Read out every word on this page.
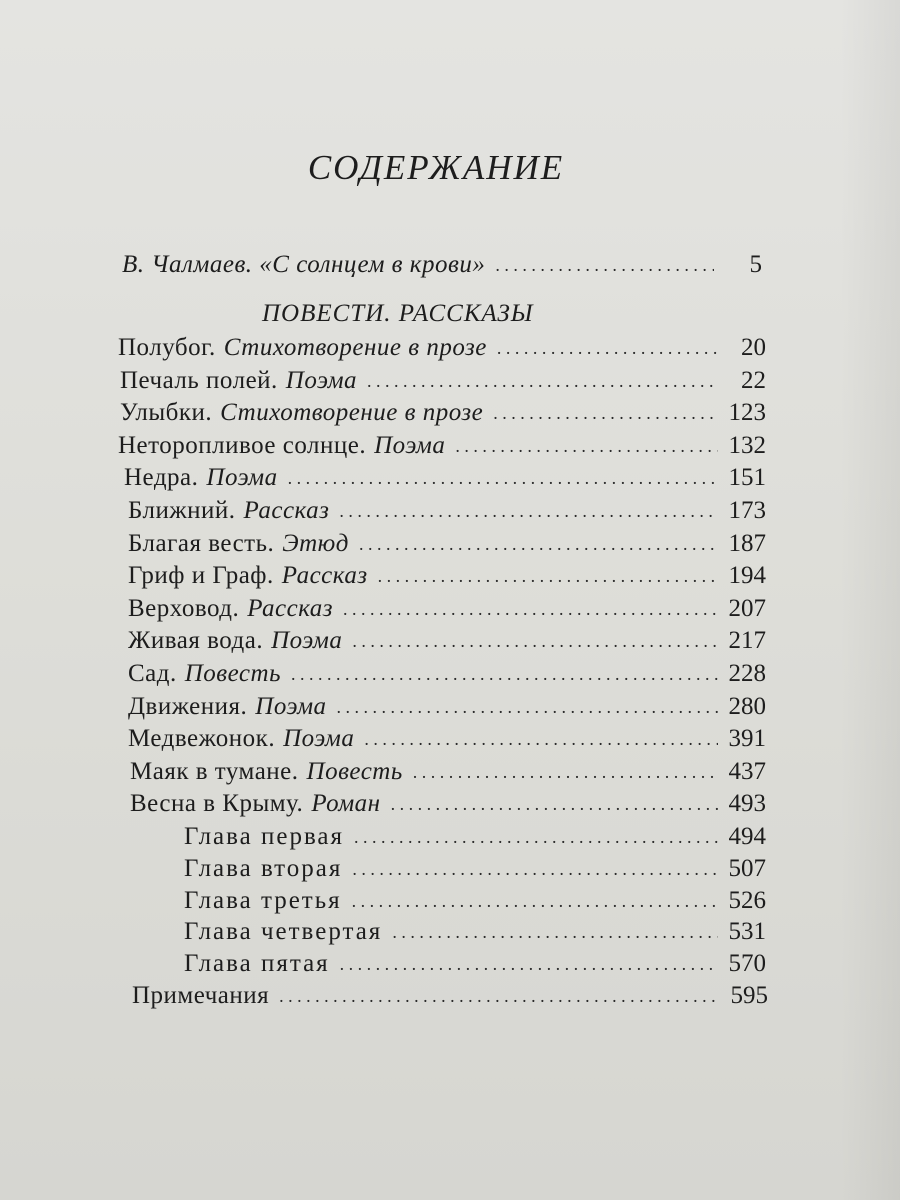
СОДЕРЖАНИЕ
В. Чалмаев. «С солнцем в крови» . . .	5
ПОВЕСТИ. РАССКАЗЫ
Полубог. Стихотворение в прозе . . .	20
Печаль полей. Поэма . . .	22
Улыбки. Стихотворение в прозе . . .	123
Неторопливое солнце. Поэма . . .	132
Недра. Поэма . . .	151
Ближний. Рассказ . . .	173
Благая весть. Этюд . . .	187
Гриф и Граф. Рассказ . . .	194
Верховод. Рассказ . . .	207
Живая вода. Поэма . . .	217
Сад. Повесть . . .	228
Движения. Поэма . . .	280
Медвежонок. Поэма . . .	391
Маяк в тумане. Повесть . . .	437
Весна в Крыму. Роман . . .	493
Глава первая . . .	494
Глава вторая . . .	507
Глава третья . . .	526
Глава четвертая . . .	531
Глава пятая . . .	570
Примечания . . .	595
